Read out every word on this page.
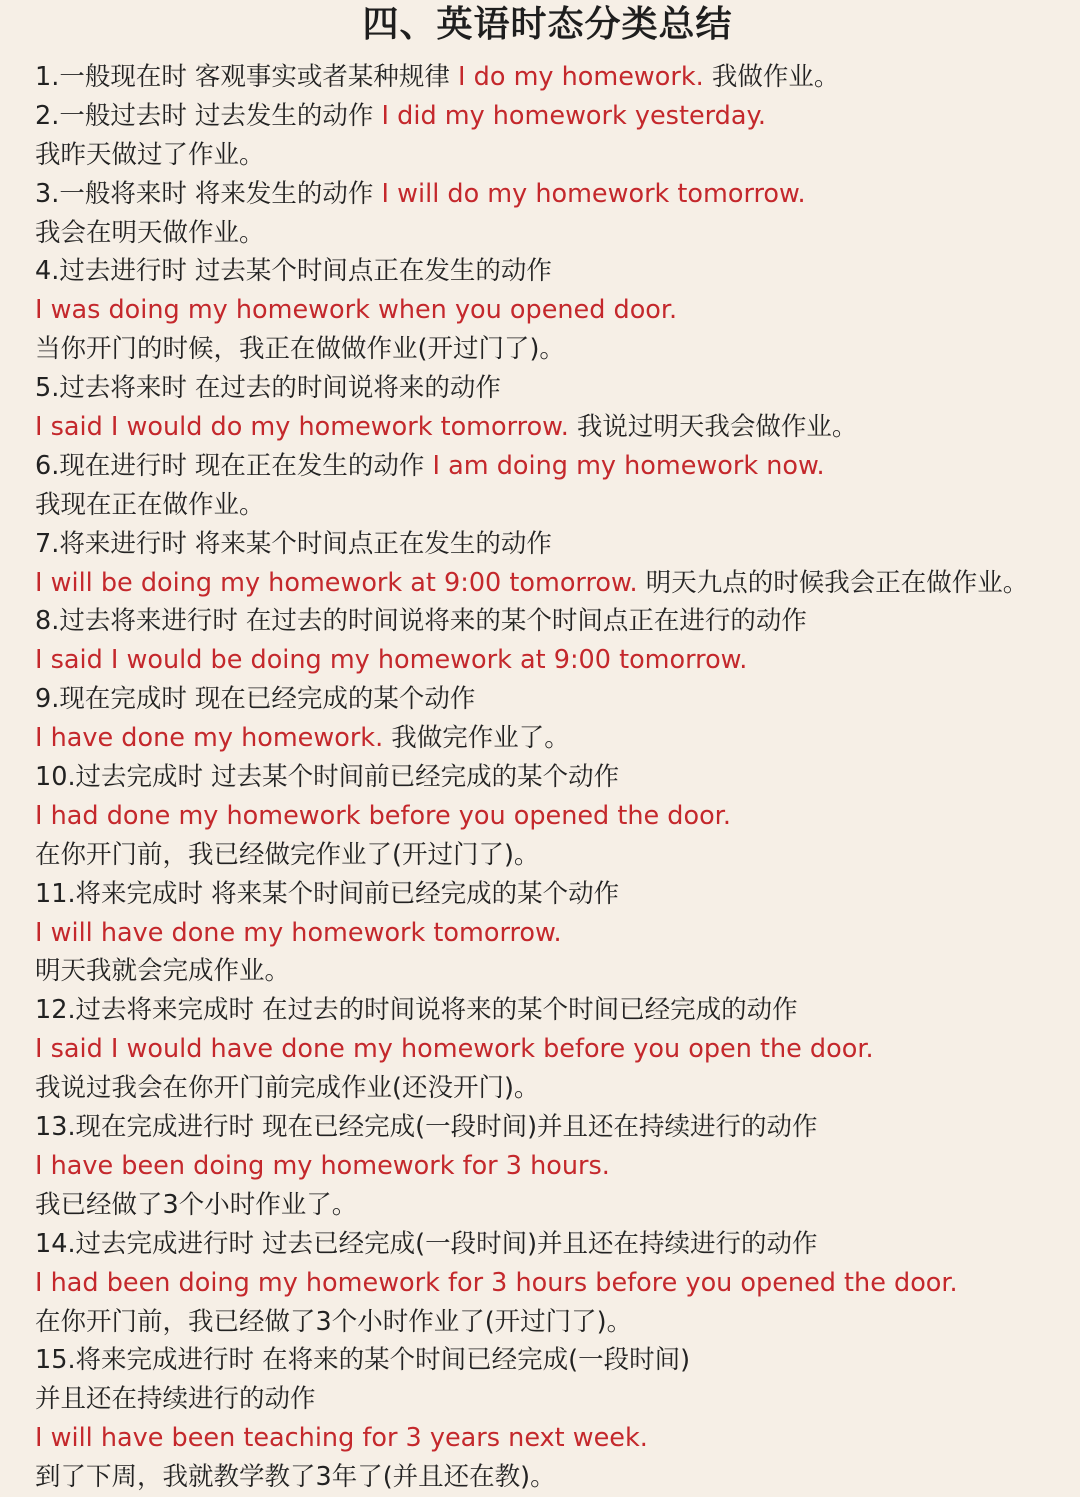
四、英语时态分类总结
1.一般现在时 客观事实或者某种规律 I do my homework. 我做作业。
2.一般过去时 过去发生的动作 I did my homework yesterday.
我昨天做过了作业。
3.一般将来时 将来发生的动作 I will do my homework tomorrow.
我会在明天做作业。
4.过去进行时 过去某个时间点正在发生的动作
I was doing my homework when you opened door.
当你开门的时候，我正在做做作业(开过门了)。
5.过去将来时 在过去的时间说将来的动作
I said I would do my homework tomorrow. 我说过明天我会做作业。
6.现在进行时 现在正在发生的动作 I am doing my homework now.
我现在正在做作业。
7.将来进行时 将来某个时间点正在发生的动作
I will be doing my homework at 9:00 tomorrow. 明天九点的时候我会正在做作业。
8.过去将来进行时 在过去的时间说将来的某个时间点正在进行的动作
I said I would be doing my homework at 9:00 tomorrow.
9.现在完成时 现在已经完成的某个动作
I have done my homework. 我做完作业了。
10.过去完成时 过去某个时间前已经完成的某个动作
I had done my homework before you opened the door.
在你开门前，我已经做完作业了(开过门了)。
11.将来完成时 将来某个时间前已经完成的某个动作
I will have done my homework tomorrow.
明天我就会完成作业。
12.过去将来完成时 在过去的时间说将来的某个时间已经完成的动作
I said I would have done my homework before you open the door.
我说过我会在你开门前完成作业(还没开门)。
13.现在完成进行时 现在已经完成(一段时间)并且还在持续进行的动作
I have been doing my homework for 3 hours.
我已经做了3个小时作业了。
14.过去完成进行时 过去已经完成(一段时间)并且还在持续进行的动作
I had been doing my homework for 3 hours before you opened the door.
在你开门前，我已经做了3个小时作业了(开过门了)。
15.将来完成进行时 在将来的某个时间已经完成(一段时间)
并且还在持续进行的动作
I will have been teaching for 3 years next week.
到了下周，我就教学教了3年了(并且还在教)。
